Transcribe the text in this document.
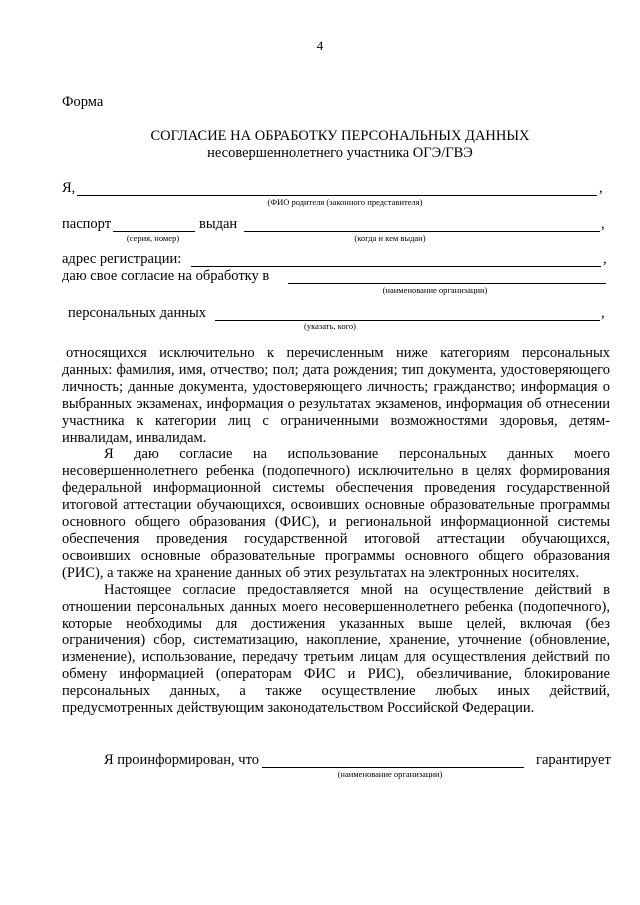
4
Форма
СОГЛАСИЕ НА ОБРАБОТКУ ПЕРСОНАЛЬНЫХ ДАННЫХ
несовершеннолетнего участника ОГЭ/ГВЭ
Я,	,
(ФИО родителя (законного представителя)
паспорт
(серия, номер)
выдан
(когда и кем выдан)
,
адрес регистрации:	,
даю свое согласие на обработку в
(наименование организации)
персональных данных
(указать, кого)
,

относящихся исключительно к перечисленным ниже категориям персональных данных: фамилия, имя, отчество; пол; дата рождения; тип документа, удостоверяющего личность; данные документа, удостоверяющего личность; гражданство; информация о выбранных экзаменах, информация о результатах экзаменов, информация об отнесении участника к категории лиц с ограниченными возможностями здоровья, детям-инвалидам, инвалидам.

Я даю согласие на использование персональных данных моего несовершеннолетнего ребенка (подопечного) исключительно в целях формирования федеральной информационной системы обеспечения проведения государственной итоговой аттестации обучающихся, освоивших основные образовательные программы основного общего образования (ФИС), и региональной информационной системы обеспечения проведения государственной итоговой аттестации обучающихся, освоивших основные образовательные программы основного общего образования (РИС), а также на хранение данных об этих результатах на электронных носителях.

Настоящее согласие предоставляется мной на осуществление действий в отношении персональных данных моего несовершеннолетнего ребенка (подопечного), которые необходимы для достижения указанных выше целей, включая (без ограничения) сбор, систематизацию, накопление, хранение, уточнение (обновление, изменение), использование, передачу третьим лицам для осуществления действий по обмену информацией (операторам ФИС и РИС), обезличивание, блокирование персональных данных, а также осуществление любых иных действий, предусмотренных действующим законодательством Российской Федерации.

Я проинформирован, что	гарантирует
(наименование организации)
